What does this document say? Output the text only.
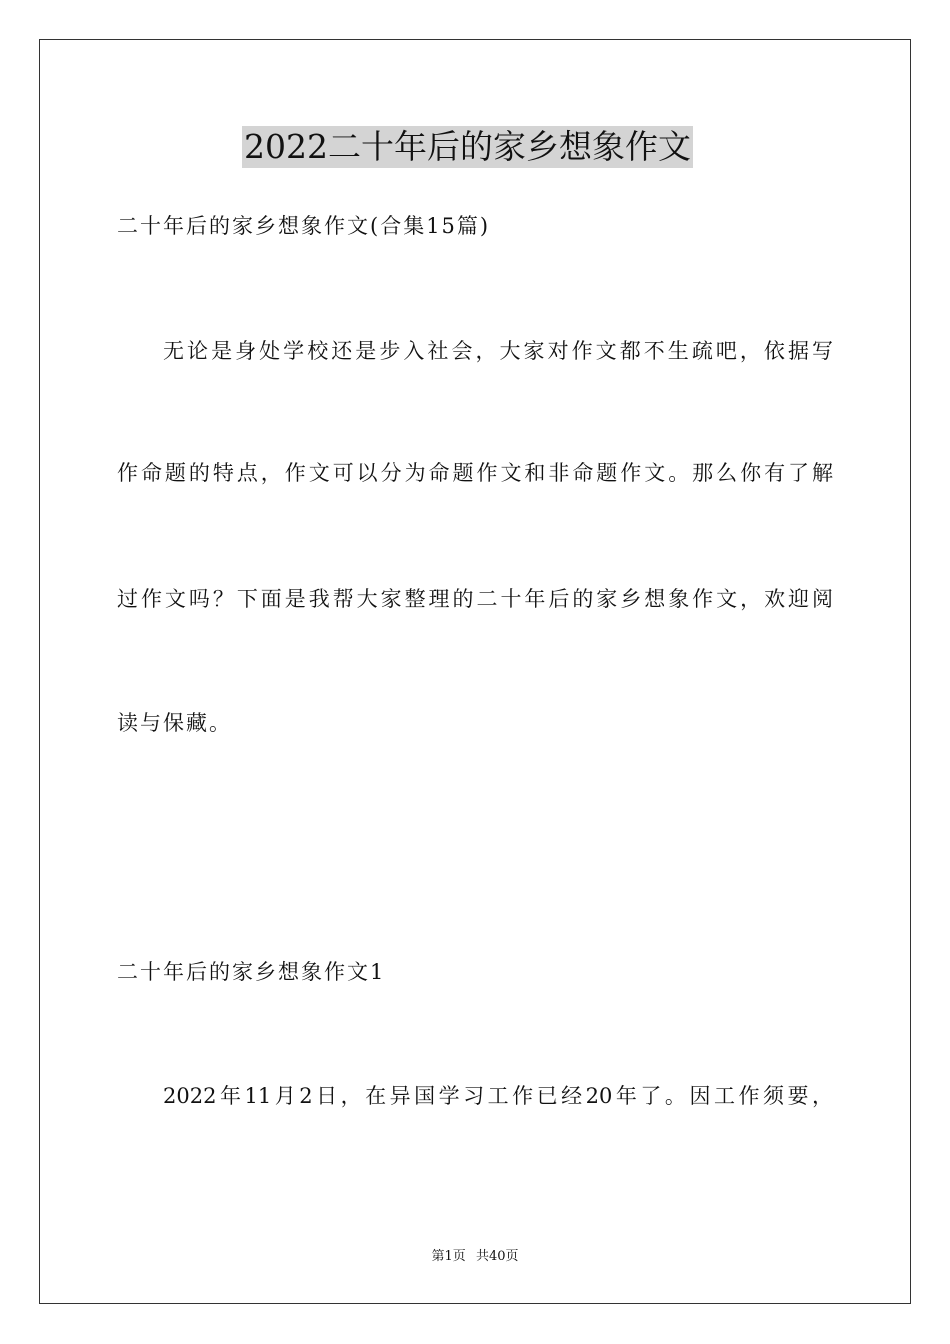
2022二十年后的家乡想象作文
二十年后的家乡想象作文(合集15篇)
无论是身处学校还是步入社会，大家对作文都不生疏吧，依据写
作命题的特点，作文可以分为命题作文和非命题作文。那么你有了解
过作文吗？下面是我帮大家整理的二十年后的家乡想象作文，欢迎阅
读与保藏。
二十年后的家乡想象作文1
2022年11月2日，在异国学习工作已经20年了。因工作须要，
第1页 共40页
